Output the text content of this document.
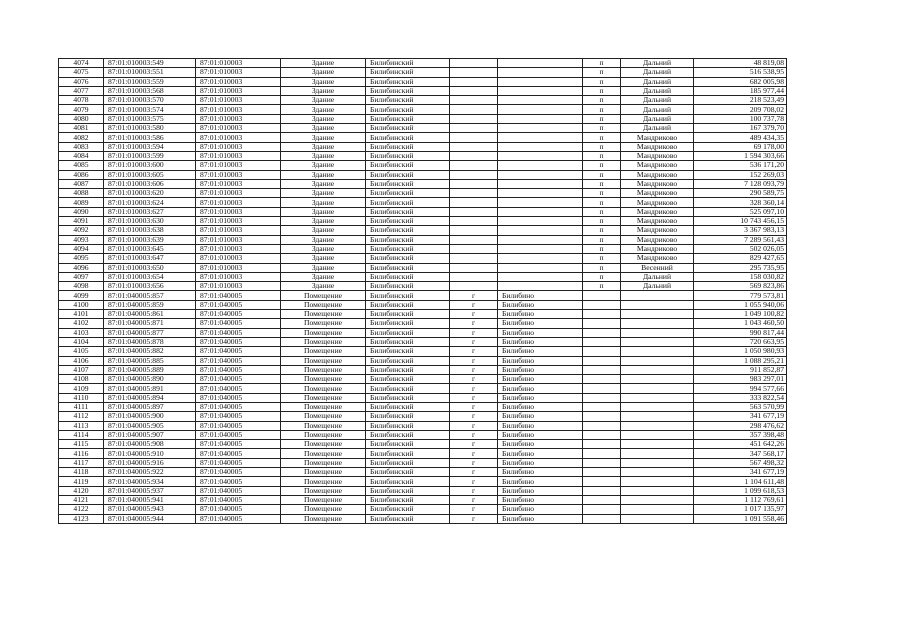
4074	87:01:010003:549	87:01:010003	Здание	Билибинский			п	Дальний	48 819,08
4075	87:01:010003:551	87:01:010003	Здание	Билибинский			п	Дальний	516 538,95
4076	87:01:010003:559	87:01:010003	Здание	Билибинский			п	Дальний	682 005,98
4077	87:01:010003:568	87:01:010003	Здание	Билибинский			п	Дальний	185 977,44
4078	87:01:010003:570	87:01:010003	Здание	Билибинский			п	Дальний	218 523,49
4079	87:01:010003:574	87:01:010003	Здание	Билибинский			п	Дальний	209 708,02
4080	87:01:010003:575	87:01:010003	Здание	Билибинский			п	Дальний	100 737,78
4081	87:01:010003:580	87:01:010003	Здание	Билибинский			п	Дальний	167 379,70
4082	87:01:010003:586	87:01:010003	Здание	Билибинский			п	Мандриково	489 434,35
4083	87:01:010003:594	87:01:010003	Здание	Билибинский			п	Мандриково	69 178,00
4084	87:01:010003:599	87:01:010003	Здание	Билибинский			п	Мандриково	1 594 303,66
4085	87:01:010003:600	87:01:010003	Здание	Билибинский			п	Мандриково	536 171,20
4086	87:01:010003:605	87:01:010003	Здание	Билибинский			п	Мандриково	152 269,03
4087	87:01:010003:606	87:01:010003	Здание	Билибинский			п	Мандриково	7 128 093,79
4088	87:01:010003:620	87:01:010003	Здание	Билибинский			п	Мандриково	290 589,75
4089	87:01:010003:624	87:01:010003	Здание	Билибинский			п	Мандриково	328 360,14
4090	87:01:010003:627	87:01:010003	Здание	Билибинский			п	Мандриково	525 097,10
4091	87:01:010003:630	87:01:010003	Здание	Билибинский			п	Мандриково	10 743 456,15
4092	87:01:010003:638	87:01:010003	Здание	Билибинский			п	Мандриково	3 367 983,13
4093	87:01:010003:639	87:01:010003	Здание	Билибинский			п	Мандриково	7 289 561,43
4094	87:01:010003:645	87:01:010003	Здание	Билибинский			п	Мандриково	502 026,05
4095	87:01:010003:647	87:01:010003	Здание	Билибинский			п	Мандриково	829 427,65
4096	87:01:010003:650	87:01:010003	Здание	Билибинский			п	Весенний	295 735,95
4097	87:01:010003:654	87:01:010003	Здание	Билибинский			п	Дальний	158 030,82
4098	87:01:010003:656	87:01:010003	Здание	Билибинский			п	Дальний	569 823,86
4099	87:01:040005:857	87:01:040005	Помещение	Билибинский	г	Билибино			779 573,81
4100	87:01:040005:859	87:01:040005	Помещение	Билибинский	г	Билибино			1 055 940,06
4101	87:01:040005:861	87:01:040005	Помещение	Билибинский	г	Билибино			1 049 100,82
4102	87:01:040005:871	87:01:040005	Помещение	Билибинский	г	Билибино			1 043 460,50
4103	87:01:040005:877	87:01:040005	Помещение	Билибинский	г	Билибино			990 817,44
4104	87:01:040005:878	87:01:040005	Помещение	Билибинский	г	Билибино			720 663,95
4105	87:01:040005:882	87:01:040005	Помещение	Билибинский	г	Билибино			1 050 980,93
4106	87:01:040005:885	87:01:040005	Помещение	Билибинский	г	Билибино			1 088 295,21
4107	87:01:040005:889	87:01:040005	Помещение	Билибинский	г	Билибино			911 852,87
4108	87:01:040005:890	87:01:040005	Помещение	Билибинский	г	Билибино			983 297,01
4109	87:01:040005:891	87:01:040005	Помещение	Билибинский	г	Билибино			994 577,66
4110	87:01:040005:894	87:01:040005	Помещение	Билибинский	г	Билибино			333 822,54
4111	87:01:040005:897	87:01:040005	Помещение	Билибинский	г	Билибино			563 570,99
4112	87:01:040005:900	87:01:040005	Помещение	Билибинский	г	Билибино			341 677,19
4113	87:01:040005:905	87:01:040005	Помещение	Билибинский	г	Билибино			298 476,62
4114	87:01:040005:907	87:01:040005	Помещение	Билибинский	г	Билибино			357 398,48
4115	87:01:040005:908	87:01:040005	Помещение	Билибинский	г	Билибино			451 642,26
4116	87:01:040005:910	87:01:040005	Помещение	Билибинский	г	Билибино			347 568,17
4117	87:01:040005:916	87:01:040005	Помещение	Билибинский	г	Билибино			567 498,32
4118	87:01:040005:922	87:01:040005	Помещение	Билибинский	г	Билибино			341 677,19
4119	87:01:040005:934	87:01:040005	Помещение	Билибинский	г	Билибино			1 104 611,48
4120	87:01:040005:937	87:01:040005	Помещение	Билибинский	г	Билибино			1 099 618,53
4121	87:01:040005:941	87:01:040005	Помещение	Билибинский	г	Билибино			1 112 769,61
4122	87:01:040005:943	87:01:040005	Помещение	Билибинский	г	Билибино			1 017 135,97
4123	87:01:040005:944	87:01:040005	Помещение	Билибинский	г	Билибино			1 091 558,46
